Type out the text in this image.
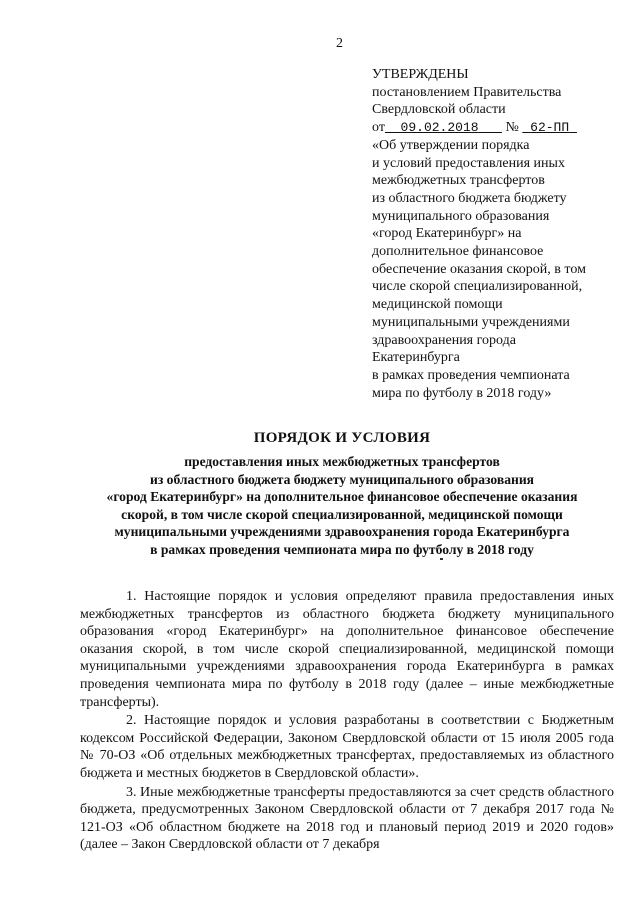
2
УТВЕРЖДЕНЫ
постановлением Правительства
Свердловской области
от 09.02.2018 № 62-ПП
«Об утверждении порядка
и условий предоставления иных
межбюджетных трансфертов
из областного бюджета бюджету
муниципального образования
«город Екатеринбург» на
дополнительное финансовое
обеспечение оказания скорой, в том
числе скорой специализированной,
медицинской помощи
муниципальными учреждениями
здравоохранения города
Екатеринбурга
в рамках проведения чемпионата
мира по футболу в 2018 году»
ПОРЯДОК И УСЛОВИЯ
предоставления иных межбюджетных трансфертов
из областного бюджета бюджету муниципального образования
«город Екатеринбург» на дополнительное финансовое обеспечение оказания
скорой, в том числе скорой специализированной, медицинской помощи
муниципальными учреждениями здравоохранения города Екатеринбурга
в рамках проведения чемпионата мира по футболу в 2018 году

1. Настоящие порядок и условия определяют правила предоставления иных межбюджетных трансфертов из областного бюджета бюджету муниципального образования «город Екатеринбург» на дополнительное финансовое обеспечение оказания скорой, в том числе скорой специализированной, медицинской помощи муниципальными учреждениями здравоохранения города Екатеринбурга в рамках проведения чемпионата мира по футболу в 2018 году (далее – иные межбюджетные трансферты).

2. Настоящие порядок и условия разработаны в соответствии с Бюджетным кодексом Российской Федерации, Законом Свердловской области от 15 июля 2005 года № 70-ОЗ «Об отдельных межбюджетных трансфертах, предоставляемых из областного бюджета и местных бюджетов в Свердловской области».

3. Иные межбюджетные трансферты предоставляются за счет средств областного бюджета, предусмотренных Законом Свердловской области от 7 декабря 2017 года № 121-ОЗ «Об областном бюджете на 2018 год и плановый период 2019 и 2020 годов» (далее – Закон Свердловской области от 7 декабря
